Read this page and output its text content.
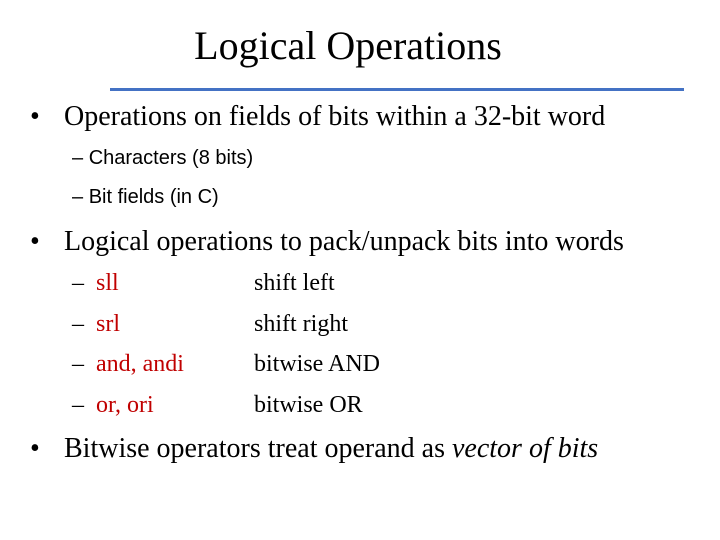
Logical Operations
• Operations on fields of bits within a 32-bit word
– Characters (8 bits)
– Bit fields (in C)
• Logical operations to pack/unpack bits into words
– sll	shift left
– srl	shift right
– and, andi	bitwise AND
– or, ori	bitwise OR
• Bitwise operators treat operand as vector of bits
